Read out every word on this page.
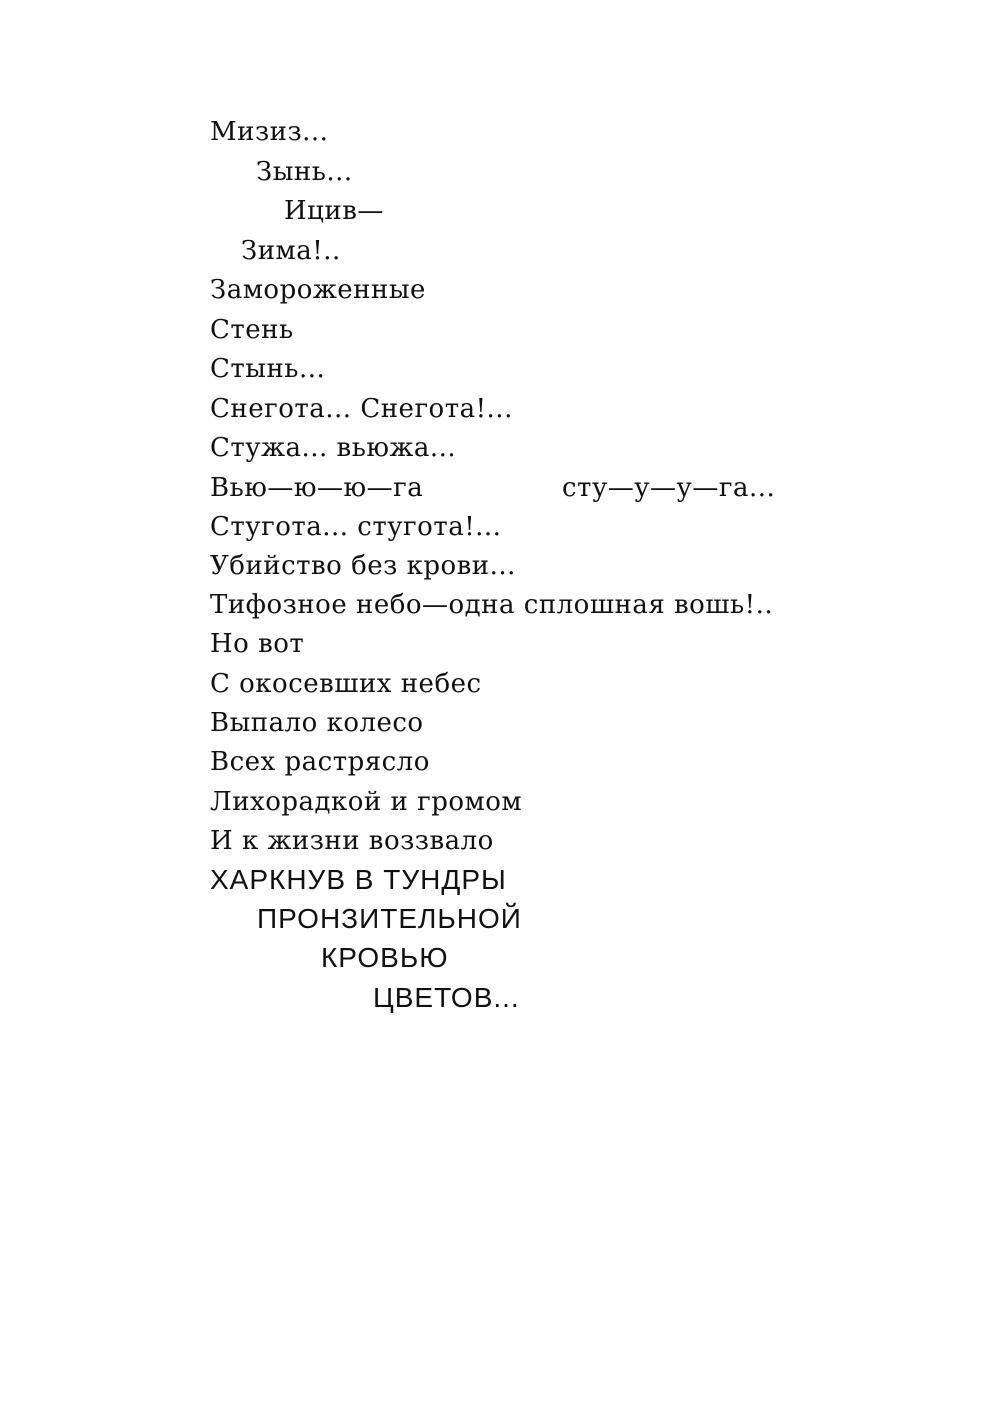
Мизиз...
Зынь...
Ицив—
Зима!..
Замороженные
Стень
Стынь...
Снегота... Снегота!...
Стужа... вьюжа...
Вью—ю—ю—га	сту—у—у—га...
Стугота... стугота!...
Убийство без крови...
Тифозное небо—одна сплошная вошь!..
Но вот
С окосевших небес
Выпало колесо
Всех растрясло
Лихорадкой и громом
И к жизни воззвало
ХАРКНУВ В ТУНДРЫ
ПРОНЗИТЕЛЬНОЙ
КРОВЬЮ
ЦВЕТОВ...
